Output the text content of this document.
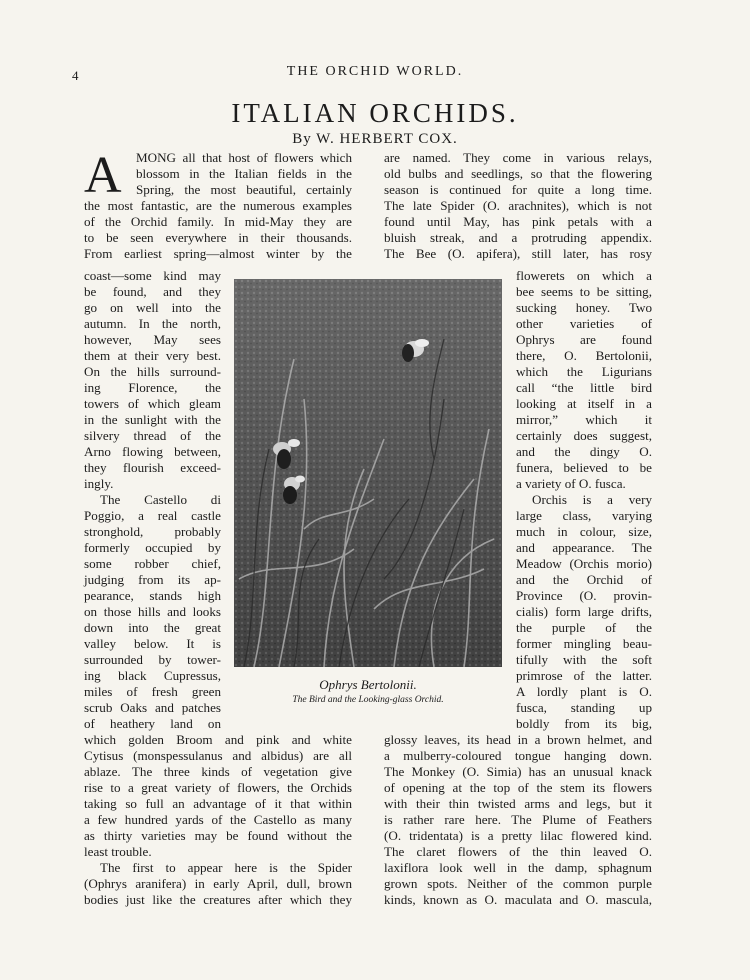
4	THE ORCHID WORLD.
ITALIAN ORCHIDS.
By W. HERBERT COX.
A MONG all that host of flowers which
blossom in the Italian fields in the
Spring, the most beautiful, certainly
the most fantastic, are the numerous examples
of the Orchid family. In mid-May they are
to be seen everywhere in their thousands.
From earliest spring—almost winter by the
coast—some kind may
be found, and they
go on well into the
autumn. In the north,
however, May sees
them at their very best.
On the hills surround-
ing Florence, the
towers of which gleam
in the sunlight with the
silvery thread of the
Arno flowing between,
they flourish exceed-
ingly.
The Castello di
Poggio, a real castle
stronghold, probably
formerly occupied by
some robber chief,
judging from its ap-
pearance, stands high
on those hills and looks
down into the great
valley below. It is
surrounded by tower-
ing black Cupressus,
miles of fresh green
scrub Oaks and patches
of heathery land on
which golden Broom and pink and white
Cytisus (monspessulanus and albidus) are all
ablaze. The three kinds of vegetation give
rise to a great variety of flowers, the Orchids
taking so full an advantage of it that within
a few hundred yards of the Castello as many
as thirty varieties may be found without the
least trouble.
The first to appear here is the Spider
(Ophrys aranifera) in early April, dull, brown
bodies just like the creatures after which they
are named. They come in various relays,
old bulbs and seedlings, so that the flowering
season is continued for quite a long time.
The late Spider (O. arachnites), which is not
found until May, has pink petals with a
bluish streak, and a protruding appendix.
The Bee (O. apifera), still later, has rosy
flowerets on which a
bee seems to be sitting,
sucking honey. Two
other varieties of
Ophrys are found
there, O. Bertolonii,
which the Ligurians
call “the little bird
looking at itself in a
mirror,” which it
certainly does suggest,
and the dingy O.
funera, believed to be
a variety of O. fusca.
Orchis is a very
large class, varying
much in colour, size,
and appearance. The
Meadow (Orchis morio)
and the Orchid of
Province (O. provin-
cialis) form large drifts,
the purple of the
former mingling beau-
tifully with the soft
primrose of the latter.
A lordly plant is O.
fusca, standing up
boldly from its big,
glossy leaves, its head in a brown helmet, and
a mulberry-coloured tongue hanging down.
The Monkey (O. Simia) has an unusual knack
of opening at the top of the stem its flowers
with their thin twisted arms and legs, but it
is rather rare here. The Plume of Feathers
(O. tridentata) is a pretty lilac flowered kind.
The claret flowers of the thin leaved O.
laxiflora look well in the damp, sphagnum
grown spots. Neither of the common purple
kinds, known as O. maculata and O. mascula,
Ophrys Bertolonii.
The Bird and the Looking-glass Orchid.
